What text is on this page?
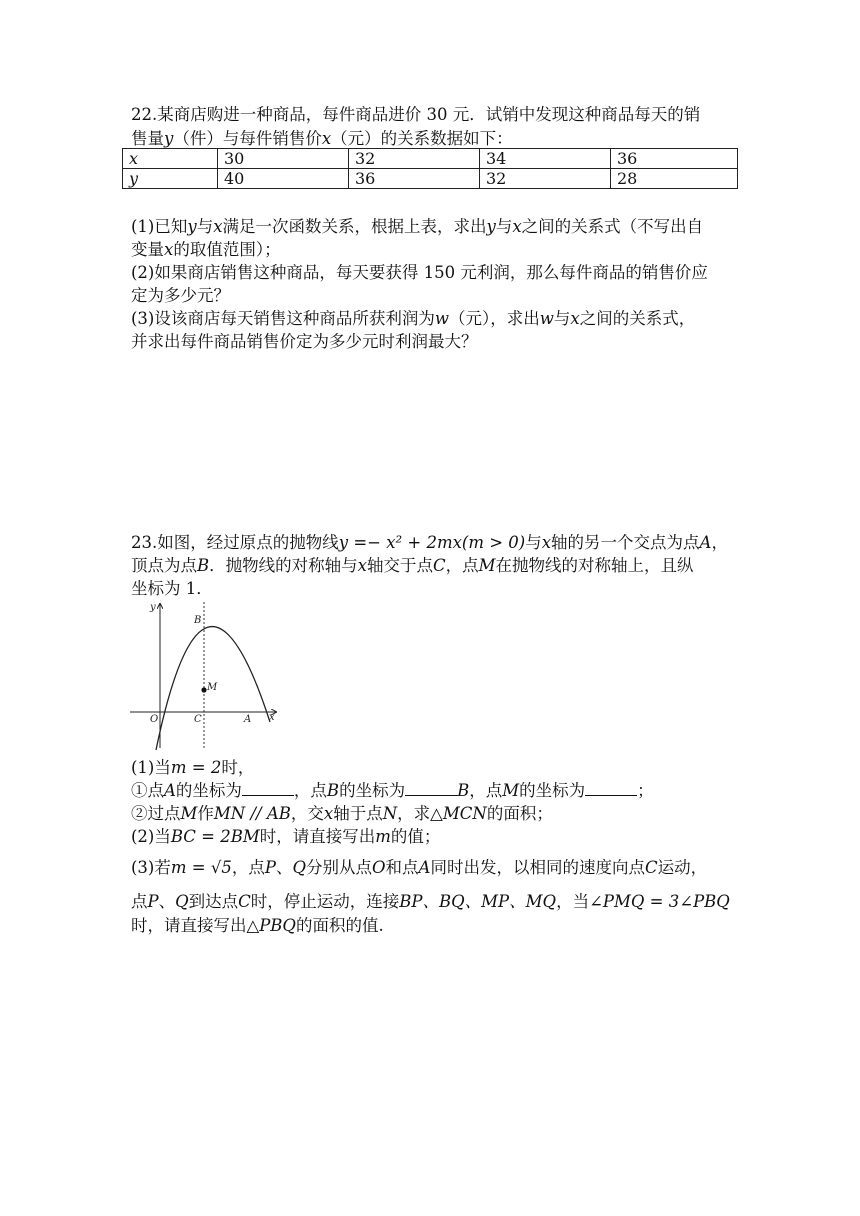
22.某商店购进一种商品，每件商品进价 30 元．试销中发现这种商品每天的销
售量y（件）与每件销售价x（元）的关系数据如下：
x	30	32	34	36
y	40	36	32	28
(1)已知y与x满足一次函数关系，根据上表，求出y与x之间的关系式（不写出自
变量x的取值范围）；
(2)如果商店销售这种商品，每天要获得 150 元利润，那么每件商品的销售价应
定为多少元？
(3)设该商店每天销售这种商品所获利润为w（元），求出w与x之间的关系式，
并求出每件商品销售价定为多少元时利润最大？
23.如图，经过原点的抛物线y =− x² + 2mx(m > 0)与x轴的另一个交点为点A，
顶点为点B．抛物线的对称轴与x轴交于点C，点M在抛物线的对称轴上，且纵
坐标为 1．
y
x
O	C	A
B
M
(1)当m = 2时，
①点A的坐标为	，点B的坐标为	B，点M的坐标为	；
②过点M作MN // AB，交x轴于点N，求△MCN的面积；
(2)当BC = 2BM时，请直接写出m的值；
(3)若m = √5，点P、Q分别从点O和点A同时出发，以相同的速度向点C运动，
点P、Q到达点C时，停止运动，连接BP、BQ、MP、MQ，当∠PMQ = 3∠PBQ
时，请直接写出△PBQ的面积的值.
